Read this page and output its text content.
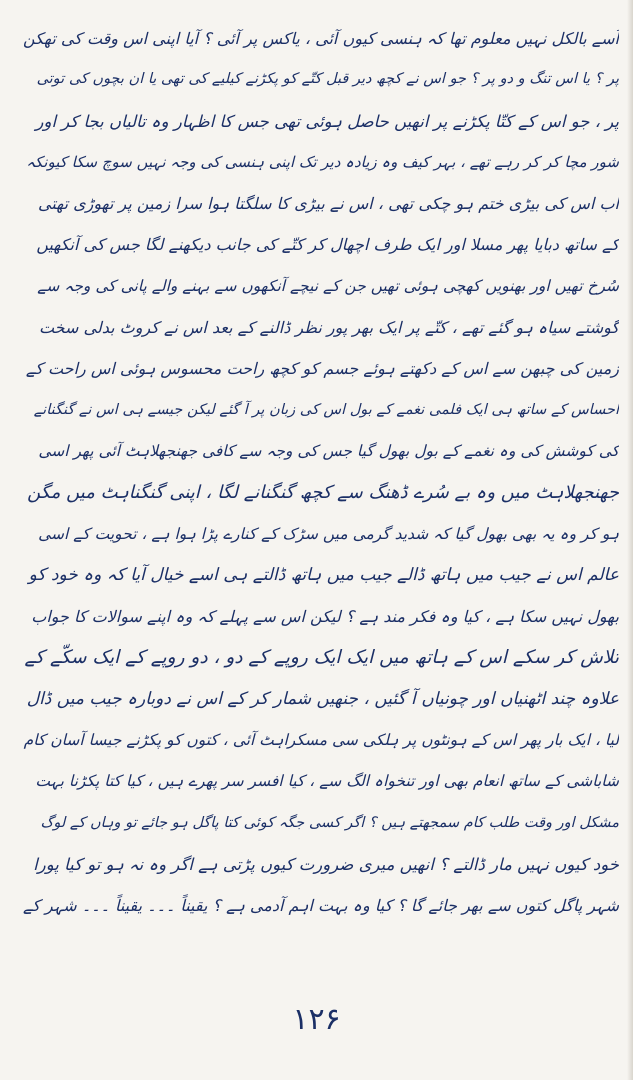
اُسے بالکل نہیں معلوم تھا کہ ہنسی کیوں آئی ، یاکس پر آئی ؟ آیا اپنی اس وقت کی تھکن
پر ؟ یا اس تنگ و دو پر ؟ جو اس نے کچھ دیر قبل کتّے کو پکڑنے کیلیے کی تھی یا ان بچوں کی توتی
پر ، جو اس کے کتّا پکڑنے پر انھیں حاصل ہوئی تھی جس کا اظہار وہ تالیاں بجا کر اور
شور مچا کر کر رہے تھے ، بہر کیف وہ زیادہ دیر تک اپنی ہنسی کی وجہ نہیں سوچ سکا کیونکہ
اب اس کی بیڑی ختم ہو چکی تھی ، اس نے بیڑی کا سلگتا ہوا سرا زمین پر تھوڑی تھتی
کے ساتھ دبایا پھر مسلا اور ایک طرف اچھال کر کتّے کی جانب دیکھنے لگا جس کی آنکھیں
سُرخ تھیں اور بھنویں کھچی ہوئی تھیں جن کے نیچے آنکھوں سے بہنے والے پانی کی وجہ سے
گوشتے سیاہ ہو گئے تھے ، کتّے پر ایک بھر پور نظر ڈالنے کے بعد اس نے کروٹ بدلی سخت
زمین کی چبھن سے اس کے دکھتے ہوئے جسم کو کچھ راحت محسوس ہوئی اس راحت کے
احساس کے ساتھ ہی ایک فلمی نغمے کے بول اس کی زبان پر آ گئے لیکن جیسے ہی اس نے گنگنانے
کی کوشش کی وہ نغمے کے بول بھول گیا جس کی وجہ سے کافی جھنجھلاہٹ آئی پھر اسی
جھنجھلاہٹ میں وہ بے سُرے ڈھنگ سے کچھ گنگنانے لگا ، اپنی گنگناہٹ میں مگن
ہو کر وہ یہ بھی بھول گیا کہ شدید گرمی میں سڑک کے کنارے پڑا ہوا ہے ، تحویت کے اسی
عالم اس نے جیب میں ہاتھ ڈالے جیب میں ہاتھ ڈالتے ہی اسے خیال آیا کہ وہ خود کو
بھول نہیں سکا ہے ، کیا وہ فکر مند ہے ؟ لیکن اس سے پہلے کہ وہ اپنے سوالات کا جواب
تلاش کر سکے اس کے ہاتھ میں ایک ایک روپے کے دو ، دو روپے کے ایک سکّے کے
علاوہ چند اٹھنیاں اور چونیاں آ گئیں ، جنھیں شمار کر کے اس نے دوبارہ جیب میں ڈال
لیا ، ایک بار پھر اس کے ہونٹوں پر ہلکی سی مسکراہٹ آئی ، کتوں کو پکڑنے جیسا آسان کام
شاباشی کے ساتھ انعام بھی اور تنخواہ الگ سے ، کیا افسر سر پھرے ہیں ، کیا کتا پکڑنا بہت
مشکل اور وقت طلب کام سمجھتے ہیں ؟ اگر کسی جگہ کوئی کتا پاگل ہو جائے تو وہاں کے لوگ
خود کیوں نہیں مار ڈالتے ؟ انھیں میری ضرورت کیوں پڑتی ہے اگر وہ نہ ہو تو کیا پورا
شہر پاگل کتوں سے بھر جائے گا ؟ کیا وہ بہت اہم آدمی ہے ؟ یقیناً ۔۔۔ یقیناً ۔۔۔ شہر کے
۱۲۶
